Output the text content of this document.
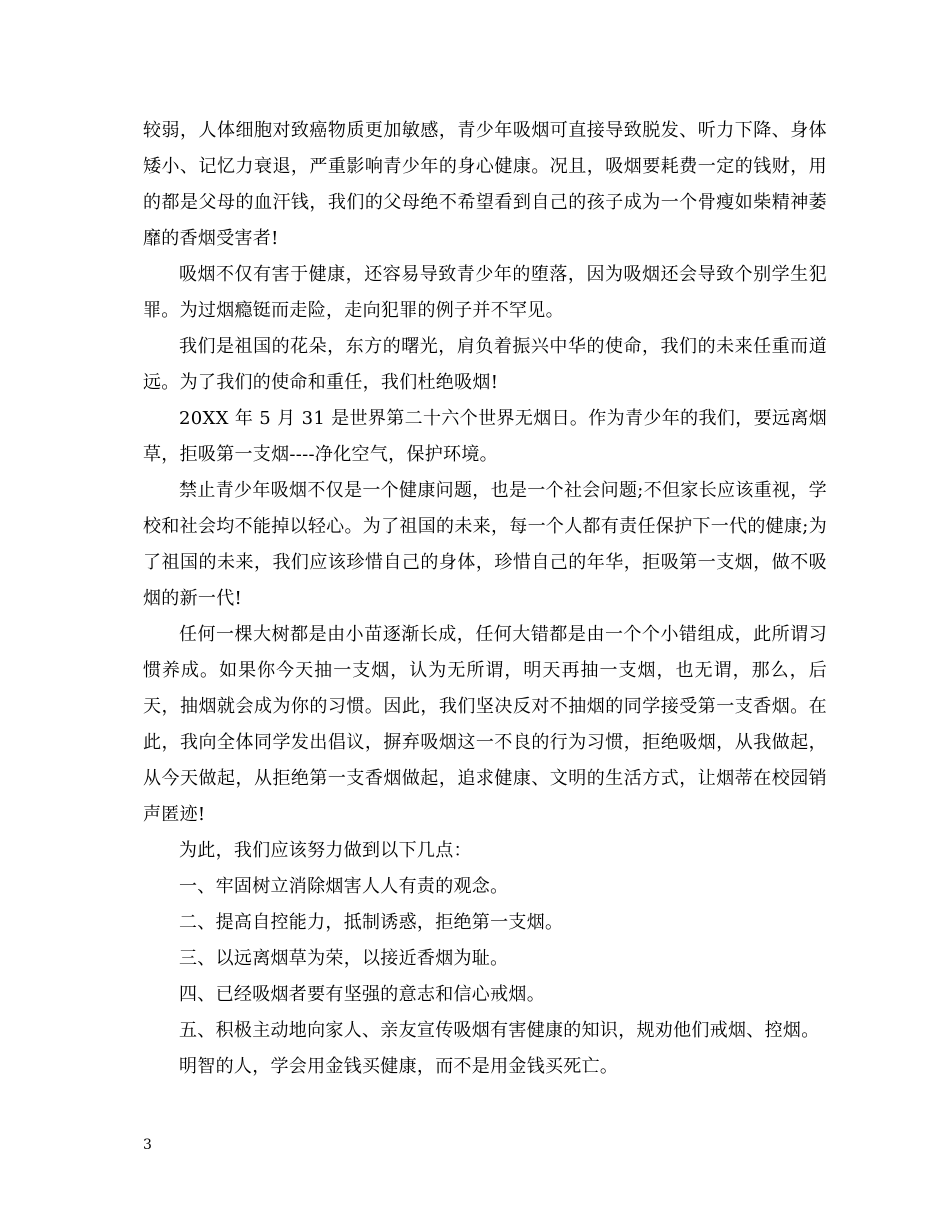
较弱，人体细胞对致癌物质更加敏感，青少年吸烟可直接导致脱发、听力下降、身体矮小、记忆力衰退，严重影响青少年的身心健康。况且，吸烟要耗费一定的钱财，用的都是父母的血汗钱，我们的父母绝不希望看到自己的孩子成为一个骨瘦如柴精神萎靡的香烟受害者!

吸烟不仅有害于健康，还容易导致青少年的堕落，因为吸烟还会导致个别学生犯罪。为过烟瘾铤而走险，走向犯罪的例子并不罕见。

我们是祖国的花朵，东方的曙光，肩负着振兴中华的使命，我们的未来任重而道远。为了我们的使命和重任，我们杜绝吸烟!

20XX 年 5 月 31 是世界第二十六个世界无烟日。作为青少年的我们，要远离烟草，拒吸第一支烟----净化空气，保护环境。

禁止青少年吸烟不仅是一个健康问题，也是一个社会问题;不但家长应该重视，学校和社会均不能掉以轻心。为了祖国的未来，每一个人都有责任保护下一代的健康;为了祖国的未来，我们应该珍惜自己的身体，珍惜自己的年华，拒吸第一支烟，做不吸烟的新一代!

任何一棵大树都是由小苗逐渐长成，任何大错都是由一个个小错组成，此所谓习惯养成。如果你今天抽一支烟，认为无所谓，明天再抽一支烟，也无谓，那么，后天，抽烟就会成为你的习惯。因此，我们坚决反对不抽烟的同学接受第一支香烟。在此，我向全体同学发出倡议，摒弃吸烟这一不良的行为习惯，拒绝吸烟，从我做起，从今天做起，从拒绝第一支香烟做起，追求健康、文明的生活方式，让烟蒂在校园销声匿迹!

为此，我们应该努力做到以下几点：

一、牢固树立消除烟害人人有责的观念。

二、提高自控能力，抵制诱惑，拒绝第一支烟。

三、以远离烟草为荣，以接近香烟为耻。

四、已经吸烟者要有坚强的意志和信心戒烟。

五、积极主动地向家人、亲友宣传吸烟有害健康的知识，规劝他们戒烟、控烟。

明智的人，学会用金钱买健康，而不是用金钱买死亡。

3
